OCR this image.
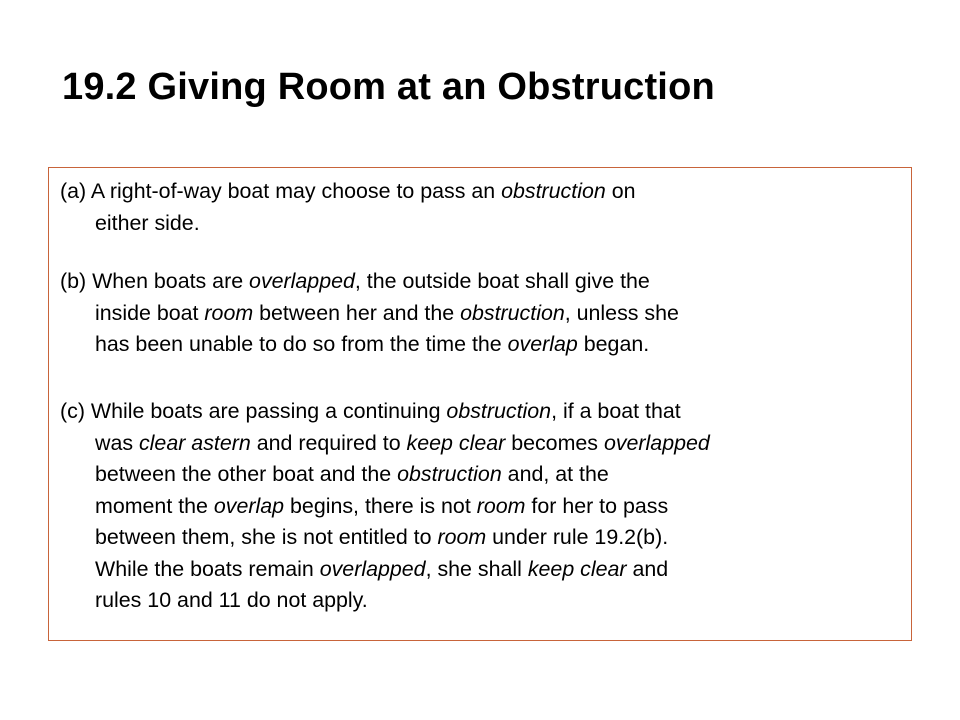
19.2 Giving Room at an Obstruction
(a) A right-of-way boat may choose to pass an obstruction on
either side.
(b) When boats are overlapped, the outside boat shall give the
inside boat room between her and the obstruction, unless she
has been unable to do so from the time the overlap began.
(c) While boats are passing a continuing obstruction, if a boat that
was clear astern and required to keep clear becomes overlapped
between the other boat and the obstruction and, at the
moment the overlap begins, there is not room for her to pass
between them, she is not entitled to room under rule 19.2(b).
While the boats remain overlapped, she shall keep clear and
rules 10 and 11 do not apply.
